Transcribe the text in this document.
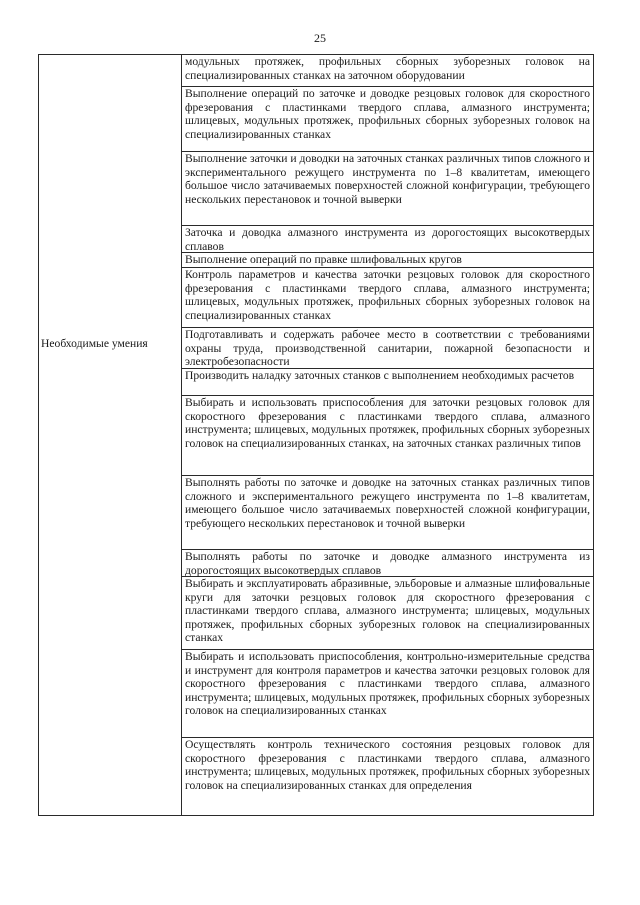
25
Необходимые умения

модульных протяжек, профильных сборных зуборезных головок на специализированных станках на заточном оборудовании
Выполнение операций по заточке и доводке резцовых головок для скоростного фрезерования с пластинками твердого сплава, алмазного инструмента; шлицевых, модульных протяжек, профильных сборных зуборезных головок на специализированных станках
Выполнение заточки и доводки на заточных станках различных типов сложного и экспериментального режущего инструмента по 1–8 квалитетам, имеющего большое число затачиваемых поверхностей сложной конфигурации, требующего нескольких перестановок и точной выверки
Заточка и доводка алмазного инструмента из дорогостоящих высокотвердых сплавов
Выполнение операций по правке шлифовальных кругов
Контроль параметров и качества заточки резцовых головок для скоростного фрезерования с пластинками твердого сплава, алмазного инструмента; шлицевых, модульных протяжек, профильных сборных зуборезных головок на специализированных станках
Подготавливать и содержать рабочее место в соответствии с требованиями охраны труда, производственной санитарии, пожарной безопасности и электробезопасности
Производить наладку заточных станков с выполнением необходимых расчетов
Выбирать и использовать приспособления для заточки резцовых головок для скоростного фрезерования с пластинками твердого сплава, алмазного инструмента; шлицевых, модульных протяжек, профильных сборных зуборезных головок на специализированных станках, на заточных станках различных типов
Выполнять работы по заточке и доводке на заточных станках различных типов сложного и экспериментального режущего инструмента по 1–8 квалитетам, имеющего большое число затачиваемых поверхностей сложной конфигурации, требующего нескольких перестановок и точной выверки
Выполнять работы по заточке и доводке алмазного инструмента из дорогостоящих высокотвердых сплавов
Выбирать и эксплуатировать абразивные, эльборовые и алмазные шлифовальные круги для заточки резцовых головок для скоростного фрезерования с пластинками твердого сплава, алмазного инструмента; шлицевых, модульных протяжек, профильных сборных зуборезных головок на специализированных станках
Выбирать и использовать приспособления, контрольно-измерительные средства и инструмент для контроля параметров и качества заточки резцовых головок для скоростного фрезерования с пластинками твердого сплава, алмазного инструмента; шлицевых, модульных протяжек, профильных сборных зуборезных головок на специализированных станках
Осуществлять контроль технического состояния резцовых головок для скоростного фрезерования с пластинками твердого сплава, алмазного инструмента; шлицевых, модульных протяжек, профильных сборных зуборезных головок на специализированных станках для определения
